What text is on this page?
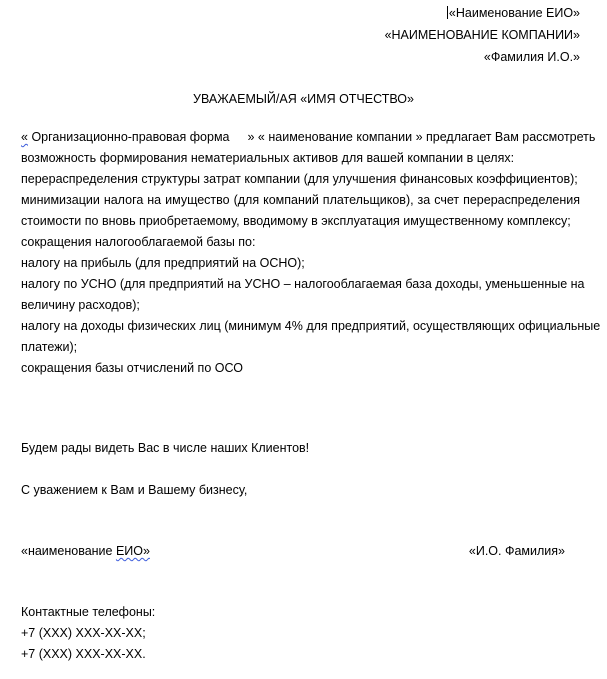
«Наименование ЕИО»
«НАИМЕНОВАНИЕ КОМПАНИИ»
«Фамилия И.О.»
УВАЖАЕМЫЙ/АЯ «ИМЯ ОТЧЕСТВО»
« Организационно-правовая форма » « наименование компании » предлагает Вам рассмотреть
возможность формирования нематериальных активов для вашей компании в целях:
перераспределения структуры затрат компании (для улучшения финансовых коэффициентов);
минимизации налога на имущество (для компаний плательщиков), за счет перераспределения
стоимости по вновь приобретаемому, вводимому в эксплуатация имущественному комплексу;
сокращения налогооблагаемой базы по:
налогу на прибыль (для предприятий на ОСНО);
налогу по УСНО (для предприятий на УСНО – налогооблагаемая база доходы, уменьшенные на
величину расходов);
налогу на доходы физических лиц (минимум 4% для предприятий, осуществляющих официальные
платежи);
сокращения базы отчислений по ОСО
Будем рады видеть Вас в числе наших Клиентов!
С уважением к Вам и Вашему бизнесу,
«наименование ЕИО»	«И.О. Фамилия»
Контактные телефоны:
+7 (XXX) XXX-XX-XX;
+7 (XXX) XXX-XX-XX.
